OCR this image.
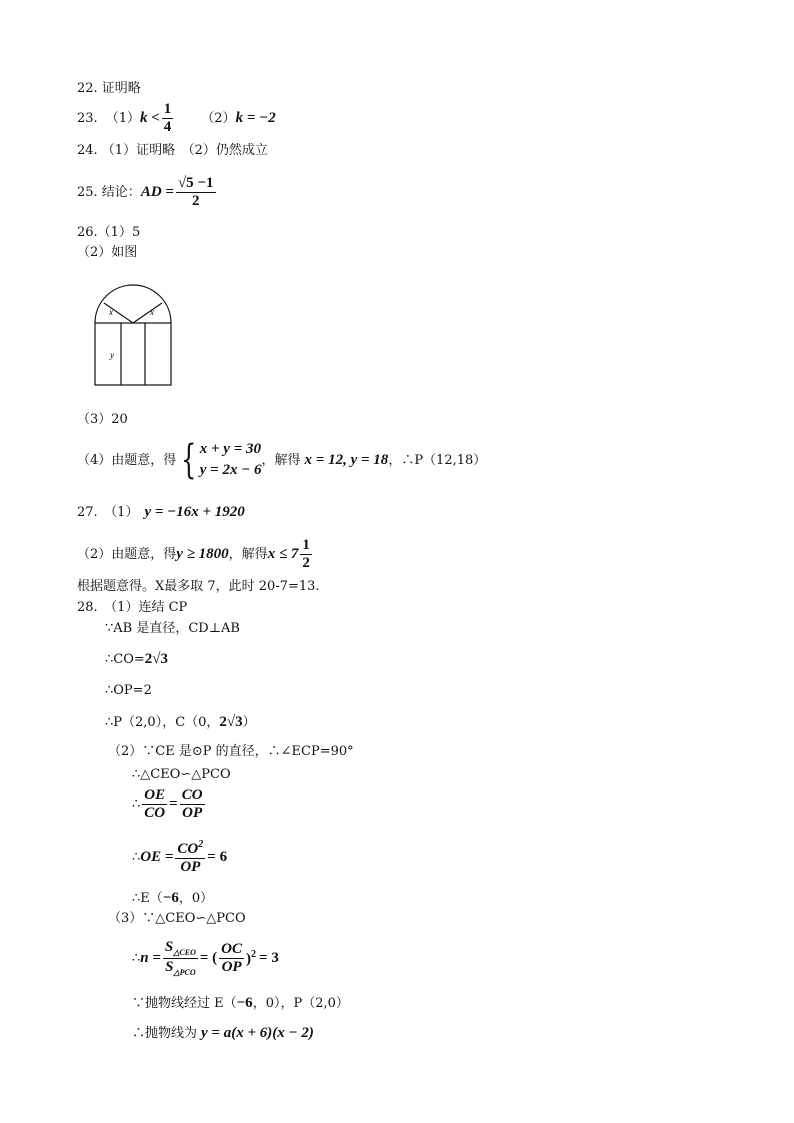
22. 证明略
23. （1） $k < \frac{1}{4} (2) k = -2$
24. （1）证明略　（2）仍然成立
25. 结论： AD = $\frac{√5 -1}{2}$
26.（1）5
（2）如图
x	x
y
（3）20
（4）由题意，得 { x + y = 30
y = 2x − 6
，解得 x = 12, y = 18 ，∴P（12,18）
27.　（1） y = −16x + 1920
（2）由题意，得 y ≥ 1800 ，解得 $x \le 7 \frac{1}{2}$
根据题意得。X最多取 7，此时 20-7=13.
28.　（1）连结 CP
∵AB 是直径，CD⊥AB
∴CO= 2√3
∴OP=2
∴P（2,0），C（0， 2√3 ）
（2）∵CE 是⊙P 的直径，∴∠ECP=90°
∴△CEO∽△PCO
∴ $\frac{OE}{CO} = \frac{CO}{OP}$
∴ OE = $\frac{CO^2}{OP} = 6$
∴E（ −6 ，0）
（3）∵△CEO∽△PCO
∴ $n = \frac{S_{\triangle CEO}}{S_{\triangle PCO}}$ = ( $\frac{OC}{OP} )^2 = 3$
∵抛物线经过 E（ −6 ，0），P（2,0）
∴抛物线为 y = a(x + 6)(x − 2)
